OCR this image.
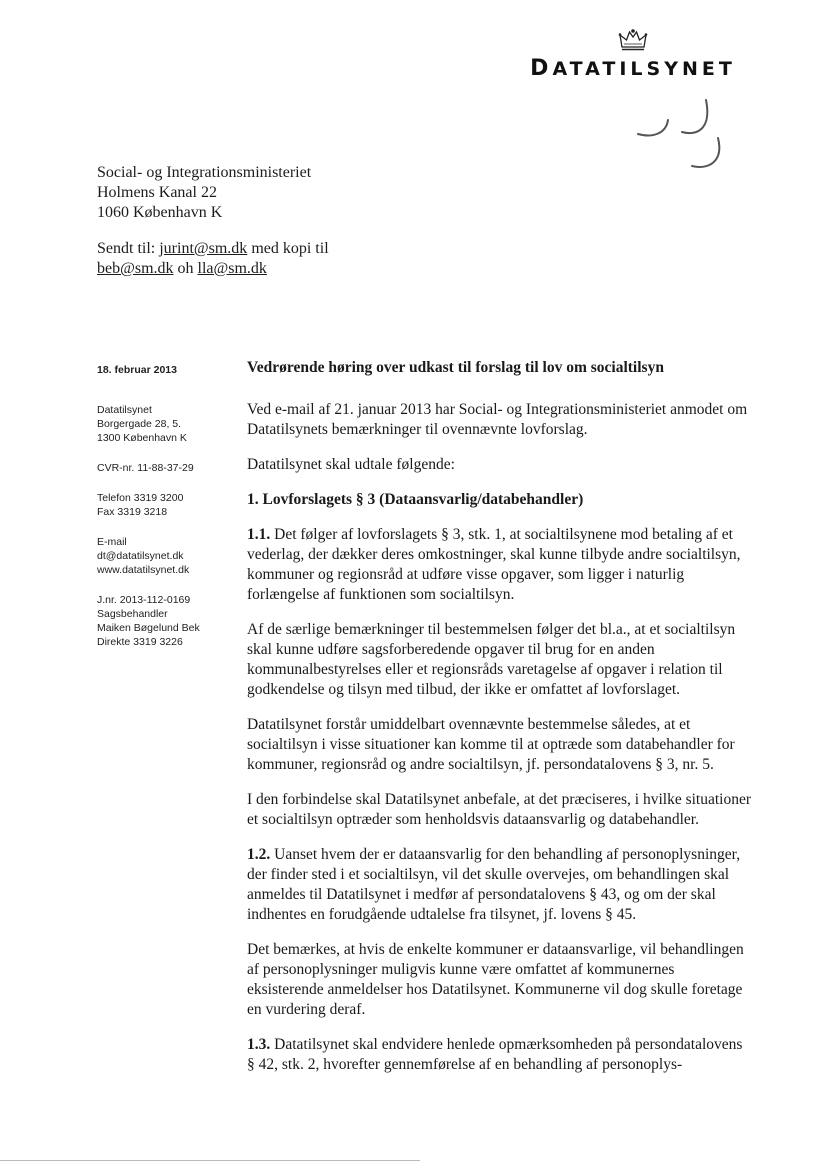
DATATILSYNET
Social- og Integrationsministeriet
Holmens Kanal 22
1060 København K
Sendt til: jurint@sm.dk med kopi til
beb@sm.dk oh lla@sm.dk
18. februar 2013
Datatilsynet
Borgergade 28, 5.
1300 København K
CVR-nr. 11-88-37-29
Telefon 3319 3200
Fax 3319 3218
E-mail
dt@datatilsynet.dk
www.datatilsynet.dk
J.nr. 2013-112-0169
Sagsbehandler
Maiken Bøgelund Bek
Direkte 3319 3226
Vedrørende høring over udkast til forslag til lov om socialtilsyn

Ved e-mail af 21. januar 2013 har Social- og Integrationsministeriet anmodet om Datatilsynets bemærkninger til ovennævnte lovforslag.

Datatilsynet skal udtale følgende:

1. Lovforslagets § 3 (Dataansvarlig/databehandler)

1.1. Det følger af lovforslagets § 3, stk. 1, at socialtilsynene mod betaling af et vederlag, der dækker deres omkostninger, skal kunne tilbyde andre socialtilsyn, kommuner og regionsråd at udføre visse opgaver, som ligger i naturlig forlængelse af funktionen som socialtilsyn.

Af de særlige bemærkninger til bestemmelsen følger det bl.a., at et socialtilsyn skal kunne udføre sagsforberedende opgaver til brug for en anden kommunalbestyrelses eller et regionsråds varetagelse af opgaver i relation til godkendelse og tilsyn med tilbud, der ikke er omfattet af lovforslaget.

Datatilsynet forstår umiddelbart ovennævnte bestemmelse således, at et socialtilsyn i visse situationer kan komme til at optræde som databehandler for kommuner, regionsråd og andre socialtilsyn, jf. persondatalovens § 3, nr. 5.

I den forbindelse skal Datatilsynet anbefale, at det præciseres, i hvilke situationer et socialtilsyn optræder som henholdsvis dataansvarlig og databehandler.

1.2. Uanset hvem der er dataansvarlig for den behandling af personoplysninger, der finder sted i et socialtilsyn, vil det skulle overvejes, om behandlingen skal anmeldes til Datatilsynet i medfør af persondatalovens § 43, og om der skal indhentes en forudgående udtalelse fra tilsynet, jf. lovens § 45.

Det bemærkes, at hvis de enkelte kommuner er dataansvarlige, vil behandlingen af personoplysninger muligvis kunne være omfattet af kommunernes eksisterende anmeldelser hos Datatilsynet. Kommunerne vil dog skulle foretage en vurdering deraf.

1.3. Datatilsynet skal endvidere henlede opmærksomheden på persondatalovens § 42, stk. 2, hvorefter gennemførelse af en behandling af personoplys-
